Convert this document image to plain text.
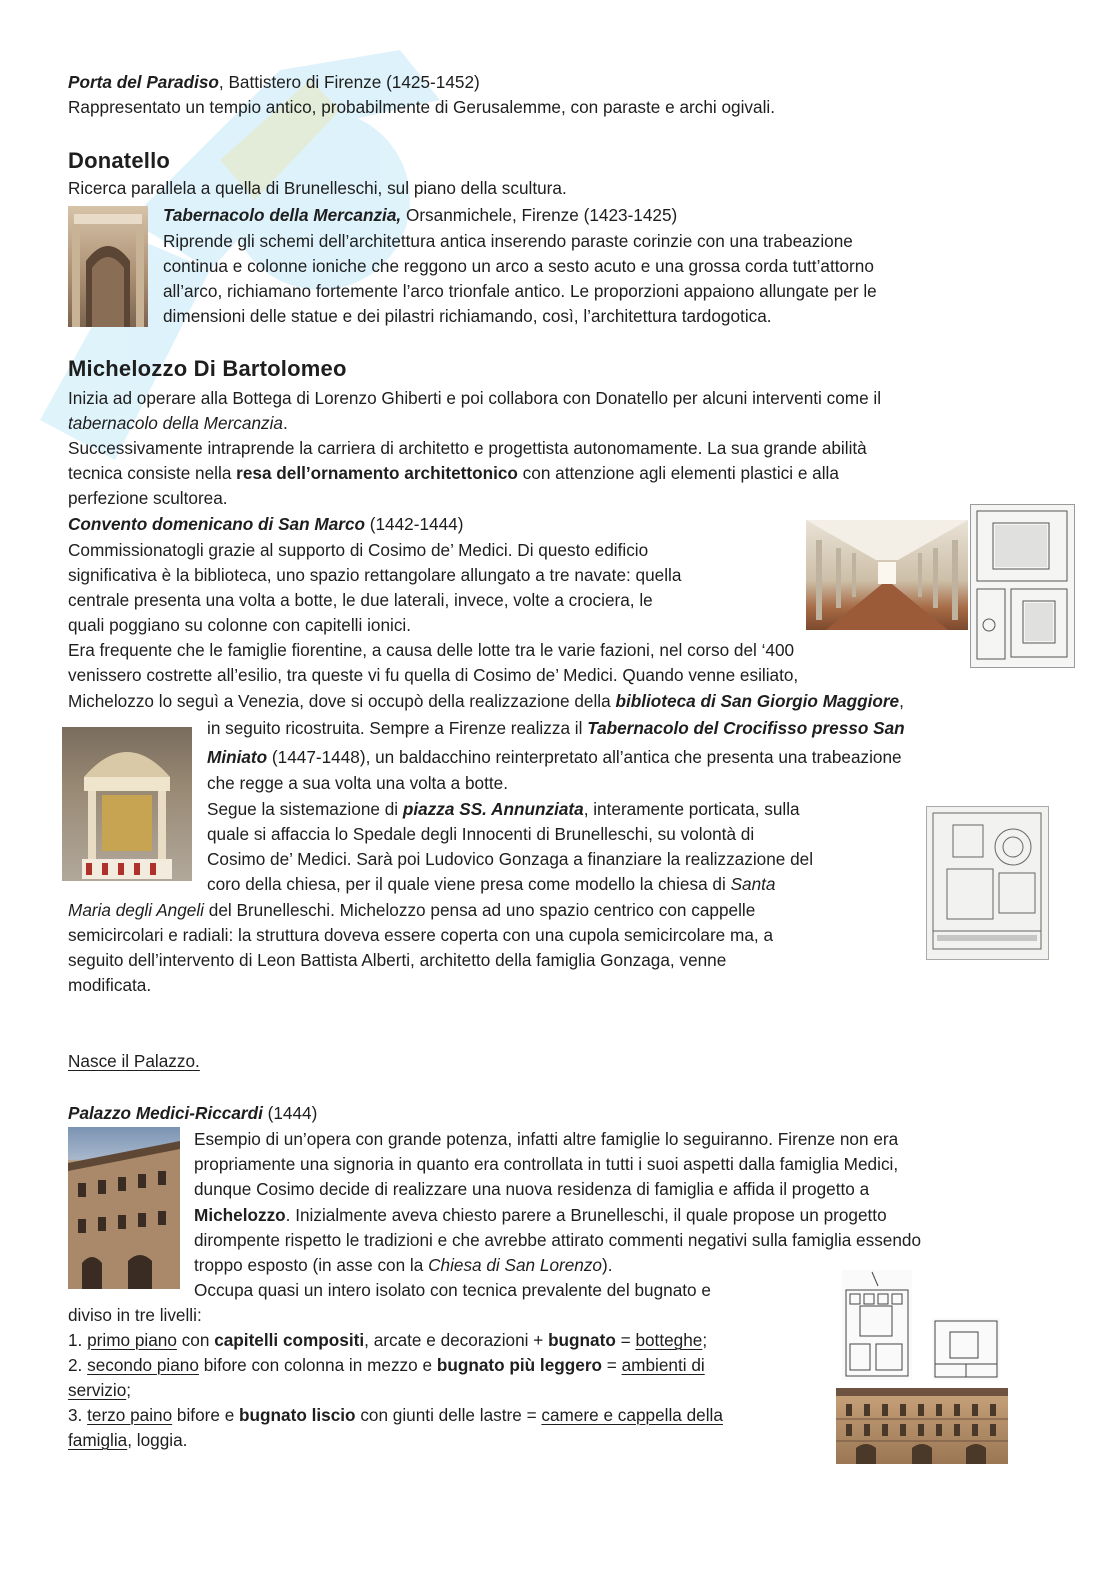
Porta del Paradiso, Battistero di Firenze (1425-1452)
Rappresentato un tempio antico, probabilmente di Gerusalemme, con paraste e archi ogivali.
Donatello
Ricerca parallela a quella di Brunelleschi, sul piano della scultura.
Tabernacolo della Mercanzia, Orsanmichele, Firenze (1423-1425)
Riprende gli schemi dell’architettura antica inserendo paraste corinzie con una trabeazione
continua e colonne ioniche che reggono un arco a sesto acuto e una grossa corda tutt’attorno
all’arco, richiamano fortemente l’arco trionfale antico. Le proporzioni appaiono allungate per le
dimensioni delle statue e dei pilastri richiamando, così, l’architettura tardogotica.
Michelozzo Di Bartolomeo
Inizia ad operare alla Bottega di Lorenzo Ghiberti e poi collabora con Donatello per alcuni interventi come il
tabernacolo della Mercanzia.
Successivamente intraprende la carriera di architetto e progettista autonomamente. La sua grande abilità
tecnica consiste nella resa dell’ornamento architettonico con attenzione agli elementi plastici e alla
perfezione scultorea.
Convento domenicano di San Marco (1442-1444)
Commissionatogli grazie al supporto di Cosimo de’ Medici. Di questo edificio
significativa è la biblioteca, uno spazio rettangolare allungato a tre navate: quella
centrale presenta una volta a botte, le due laterali, invece, volte a crociera, le
quali poggiano su colonne con capitelli ionici.
Era frequente che le famiglie fiorentine, a causa delle lotte tra le varie fazioni, nel corso del ‘400
venissero costrette all’esilio, tra queste vi fu quella di Cosimo de’ Medici. Quando venne esiliato,
Michelozzo lo seguì a Venezia, dove si occupò della realizzazione della biblioteca di San Giorgio Maggiore,
in seguito ricostruita. Sempre a Firenze realizza il Tabernacolo del Crocifisso presso San
Miniato (1447-1448), un baldacchino reinterpretato all’antica che presenta una trabeazione
che regge a sua volta una volta a botte.
Segue la sistemazione di piazza SS. Annunziata, interamente porticata, sulla
quale si affaccia lo Spedale degli Innocenti di Brunelleschi, su volontà di
Cosimo de’ Medici. Sarà poi Ludovico Gonzaga a finanziare la realizzazione del
coro della chiesa, per il quale viene presa come modello la chiesa di Santa
Maria degli Angeli del Brunelleschi. Michelozzo pensa ad uno spazio centrico con cappelle
semicircolari e radiali: la struttura doveva essere coperta con una cupola semicircolare ma, a
seguito dell’intervento di Leon Battista Alberti, architetto della famiglia Gonzaga, venne
modificata.
Nasce il Palazzo.
Palazzo Medici-Riccardi (1444)
Esempio di un’opera con grande potenza, infatti altre famiglie lo seguiranno. Firenze non era
propriamente una signoria in quanto era controllata in tutti i suoi aspetti dalla famiglia Medici,
dunque Cosimo decide di realizzare una nuova residenza di famiglia e affida il progetto a
Michelozzo. Inizialmente aveva chiesto parere a Brunelleschi, il quale propose un progetto
dirompente rispetto le tradizioni e che avrebbe attirato commenti negativi sulla famiglia essendo
troppo esposto (in asse con la Chiesa di San Lorenzo).
Occupa quasi un intero isolato con tecnica prevalente del bugnato e
diviso in tre livelli:
1. primo piano con capitelli compositi, arcate e decorazioni + bugnato = botteghe;
2. secondo piano bifore con colonna in mezzo e bugnato più leggero = ambienti di
servizio;
3. terzo paino bifore e bugnato liscio con giunti delle lastre = camere e cappella della
famiglia, loggia.
